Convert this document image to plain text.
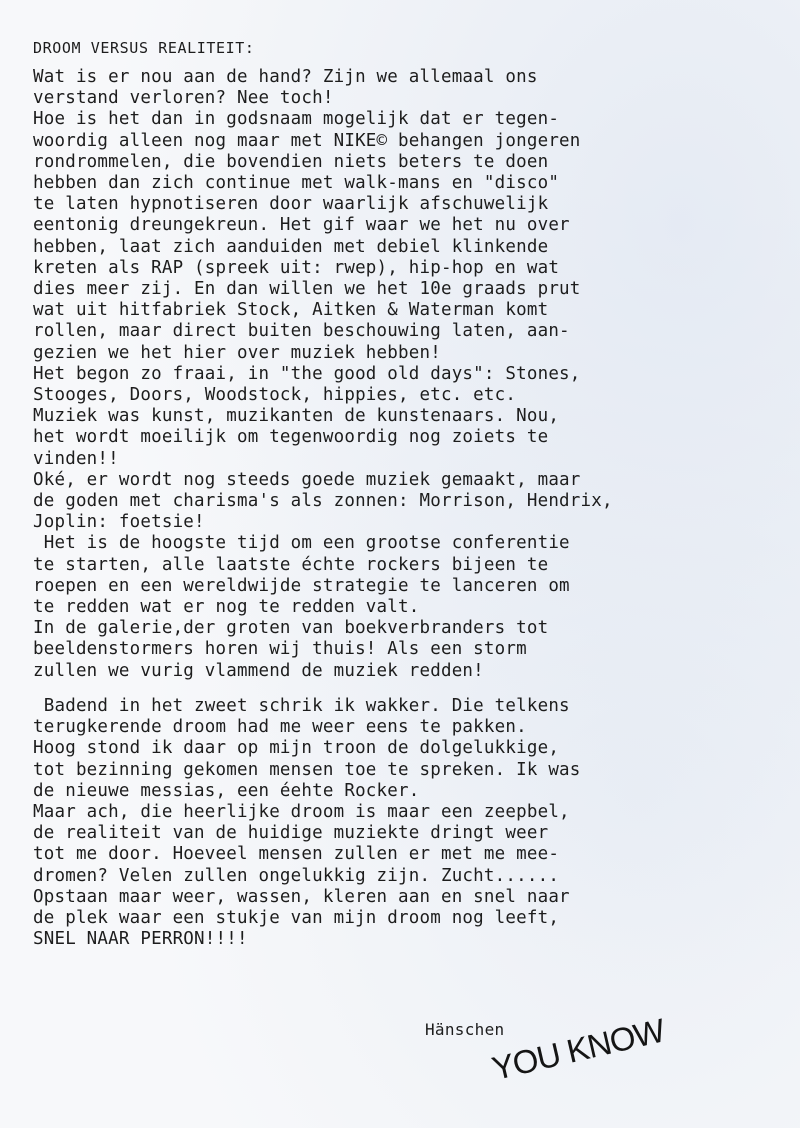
DROOM VERSUS REALITEIT:
Wat is er nou aan de hand? Zijn we allemaal ons
verstand verloren? Nee toch!
Hoe is het dan in godsnaam mogelijk dat er tegen-
woordig alleen nog maar met NIKE© behangen jongeren
rondrommelen, die bovendien niets beters te doen
hebben dan zich continue met walk-mans en "disco"
te laten hypnotiseren door waarlijk afschuwelijk
eentonig dreungekreun. Het gif waar we het nu over
hebben, laat zich aanduiden met debiel klinkende
kreten als RAP (spreek uit: rwep), hip-hop en wat
dies meer zij. En dan willen we het 10e graads prut
wat uit hitfabriek Stock, Aitken & Waterman komt
rollen, maar direct buiten beschouwing laten, aan-
gezien we het hier over muziek hebben!
Het begon zo fraai, in "the good old days": Stones,
Stooges, Doors, Woodstock, hippies, etc. etc.
Muziek was kunst, muzikanten de kunstenaars. Nou,
het wordt moeilijk om tegenwoordig nog zoiets te
vinden!!
Oké, er wordt nog steeds goede muziek gemaakt, maar
de goden met charisma's als zonnen: Morrison, Hendrix,
Joplin: foetsie!
Het is de hoogste tijd om een grootse conferentie
te starten, alle laatste échte rockers bijeen te
roepen en een wereldwijde strategie te lanceren om
te redden wat er nog te redden valt.
In de galerie,der groten van boekverbranders tot
beeldenstormers horen wij thuis! Als een storm
zullen we vurig vlammend de muziek redden!
Badend in het zweet schrik ik wakker. Die telkens
terugkerende droom had me weer eens te pakken.
Hoog stond ik daar op mijn troon de dolgelukkige,
tot bezinning gekomen mensen toe te spreken. Ik was
de nieuwe messias, een éehte Rocker.
Maar ach, die heerlijke droom is maar een zeepbel,
de realiteit van de huidige muziekte dringt weer
tot me door. Hoeveel mensen zullen er met me mee-
dromen? Velen zullen ongelukkig zijn. Zucht......
Opstaan maar weer, wassen, kleren aan en snel naar
de plek waar een stukje van mijn droom nog leeft,
SNEL NAAR PERRON!!!!
Hänschen
YOU KNOW
